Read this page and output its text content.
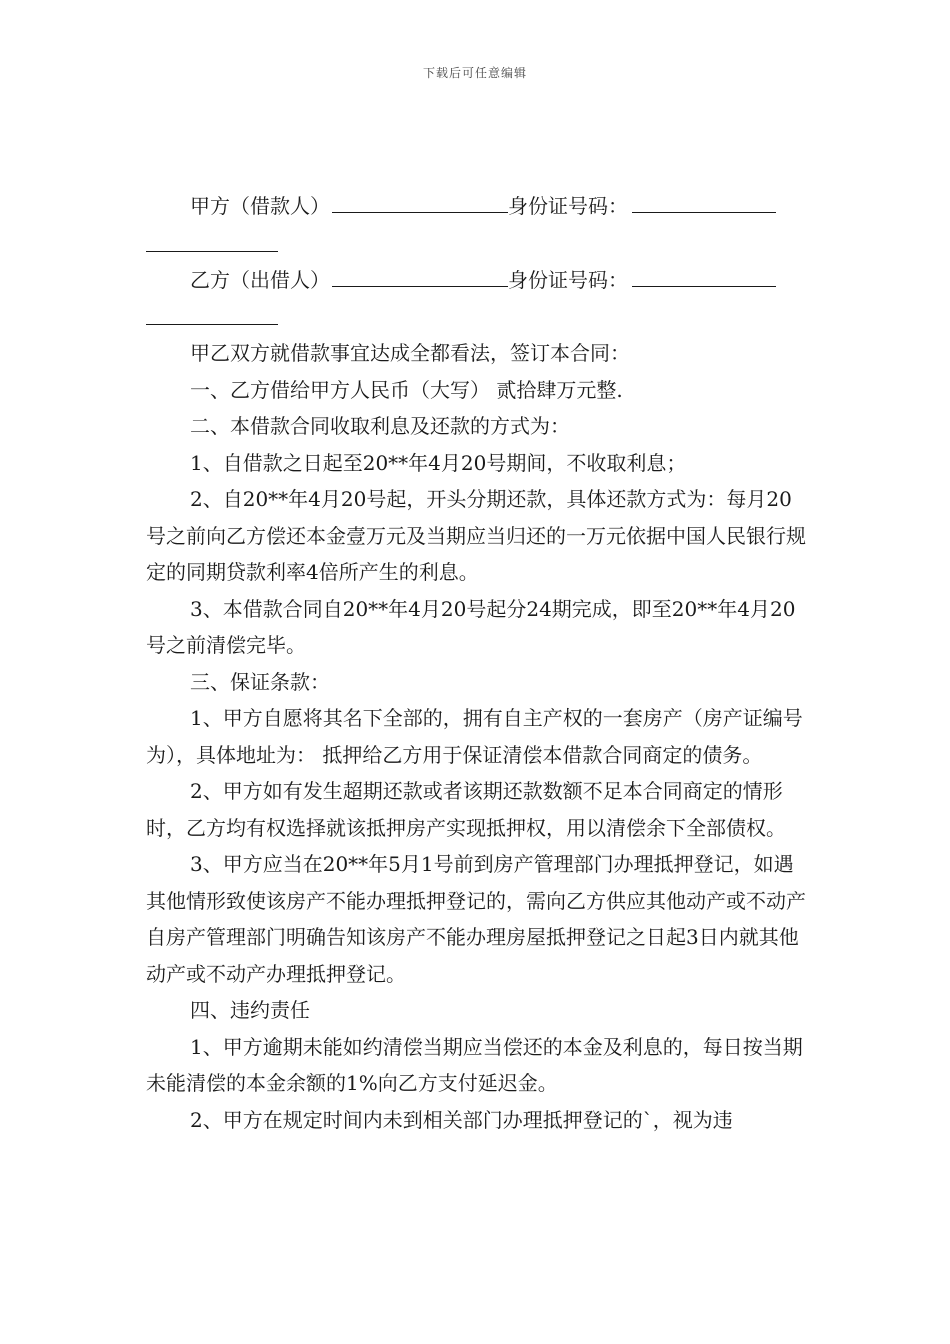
下载后可任意编辑
甲方（借款人）	身份证号码：
乙方（出借人）	身份证号码：

甲乙双方就借款事宜达成全都看法，签订本合同：

一、乙方借给甲方人民币（大写） 贰拾肆万元整.

二、本借款合同收取利息及还款的方式为：

1、自借款之日起至20**年4月20号期间，不收取利息；

2、自20**年4月20号起，开头分期还款，具体还款方式为：每月20号之前向乙方偿还本金壹万元及当期应当归还的一万元依据中国人民银行规定的同期贷款利率4倍所产生的利息。

3、本借款合同自20**年4月20号起分24期完成，即至20**年4月20号之前清偿完毕。

三、保证条款：

1、甲方自愿将其名下全部的，拥有自主产权的一套房产（房产证编号为），具体地址为： 抵押给乙方用于保证清偿本借款合同商定的债务。

2、甲方如有发生超期还款或者该期还款数额不足本合同商定的情形时，乙方均有权选择就该抵押房产实现抵押权，用以清偿余下全部债权。

3、甲方应当在20**年5月1号前到房产管理部门办理抵押登记，如遇其他情形致使该房产不能办理抵押登记的，需向乙方供应其他动产或不动产自房产管理部门明确告知该房产不能办理房屋抵押登记之日起3日内就其他动产或不动产办理抵押登记。

四、违约责任

1、甲方逾期未能如约清偿当期应当偿还的本金及利息的，每日按当期未能清偿的本金余额的1%向乙方支付延迟金。

2、甲方在规定时间内未到相关部门办理抵押登记的`，视为违
